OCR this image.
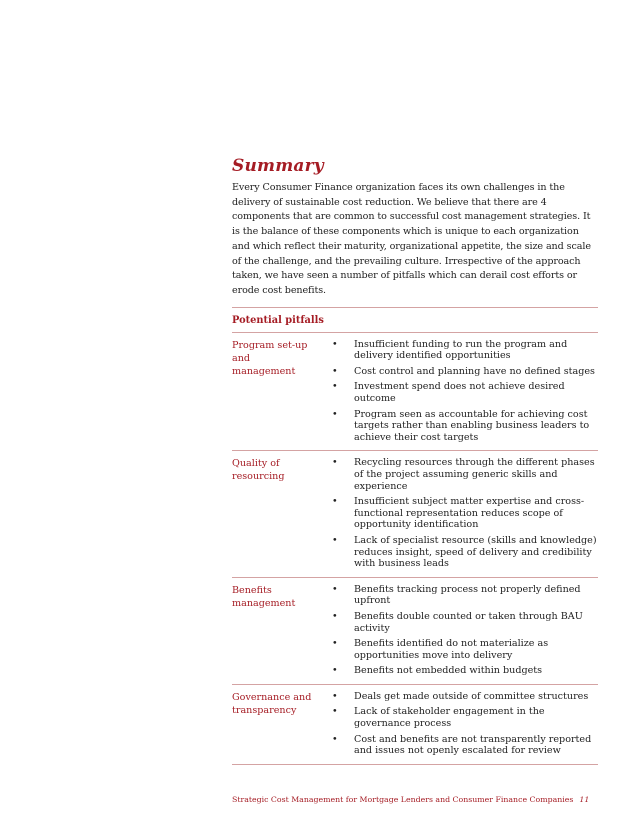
Summary

Every Consumer Finance organization faces its own challenges in the delivery of sustainable cost reduction. We believe that there are 4 components that are common to successful cost management strategies. It is the balance of these components which is unique to each organization and which reflect their maturity, organizational appetite, the size and scale of the challenge, and the prevailing culture. Irrespective of the approach taken, we have seen a number of pitfalls which can derail cost efforts or erode cost benefits.

Potential pitfalls
Program set-up and management
• Insufficient funding to run the program and delivery identified opportunities
• Cost control and planning have no defined stages
• Investment spend does not achieve desired outcome
• Program seen as accountable for achieving cost targets rather than enabling business leaders to achieve their cost targets
Quality of resourcing
• Recycling resources through the different phases of the project assuming generic skills and experience
• Insufficient subject matter expertise and cross-functional representation reduces scope of opportunity identification
• Lack of specialist resource (skills and knowledge) reduces insight, speed of delivery and credibility with business leads
Benefits management
• Benefits tracking process not properly defined upfront
• Benefits double counted or taken through BAU activity
• Benefits identified do not materialize as opportunities move into delivery
• Benefits not embedded within budgets
Governance and transparency
• Deals get made outside of committee structures
• Lack of stakeholder engagement in the governance process
• Cost and benefits are not transparently reported and issues not openly escalated for review
Strategic Cost Management for Mortgage Lenders and Consumer Finance Companies 11
